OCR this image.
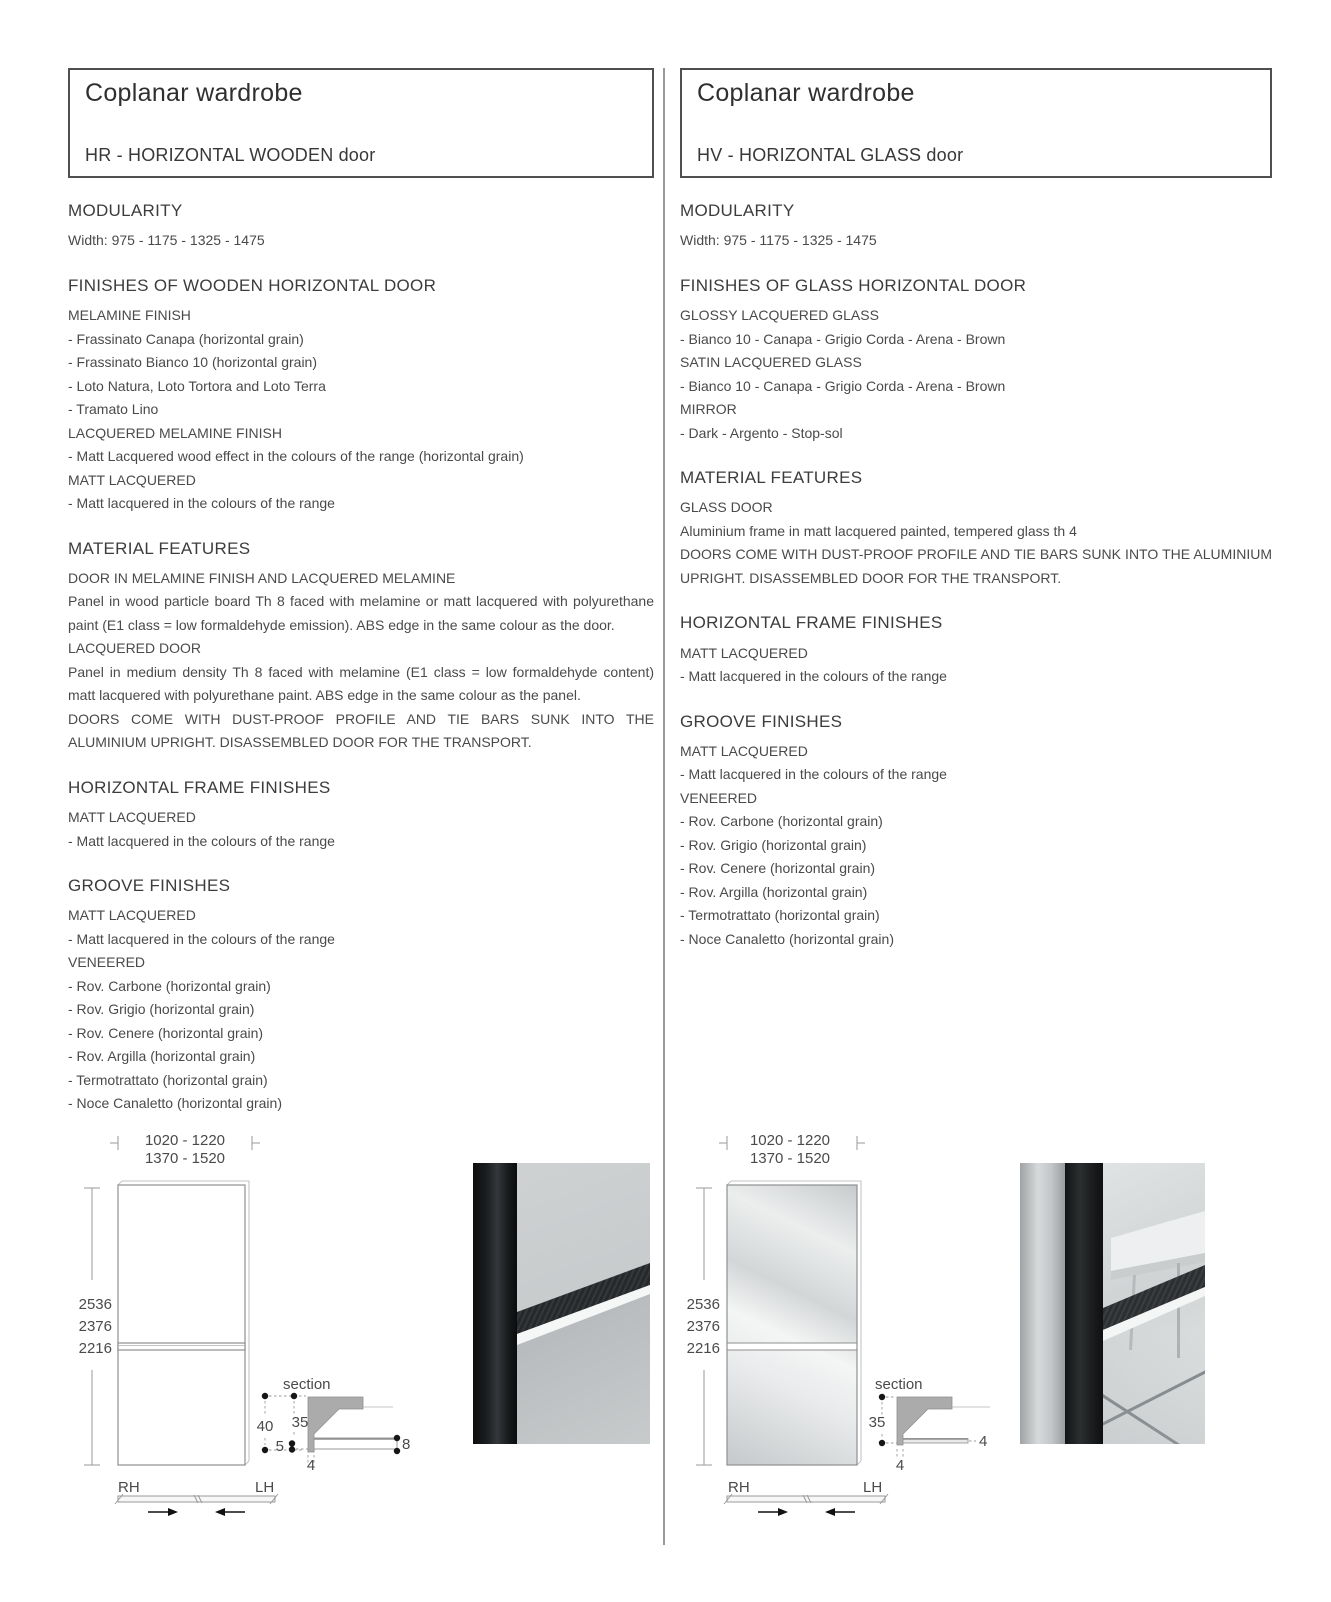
Coplanar wardrobe
HR - HORIZONTAL WOODEN door
MODULARITY

Width: 975 - 1175 - 1325 - 1475

FINISHES OF WOODEN HORIZONTAL DOOR

MELAMINE FINISH

- Frassinato Canapa (horizontal grain)

- Frassinato Bianco 10 (horizontal grain)

- Loto Natura, Loto Tortora and Loto Terra

- Tramato Lino

LACQUERED MELAMINE FINISH

- Matt Lacquered wood effect in the colours of the range (horizontal grain)

MATT LACQUERED

- Matt lacquered in the colours of the range

MATERIAL FEATURES

DOOR IN MELAMINE FINISH AND LACQUERED MELAMINE

Panel in wood particle board Th 8 faced with melamine or matt lacquered with polyurethane paint (E1 class = low formaldehyde emission). ABS edge in the same colour as the door.

LACQUERED DOOR

Panel in medium density Th 8 faced with melamine (E1 class = low formaldehyde content) matt lacquered with polyurethane paint. ABS edge in the same colour as the panel.

DOORS COME WITH DUST-PROOF PROFILE AND TIE BARS SUNK INTO THE ALUMINIUM UPRIGHT. DISASSEMBLED DOOR FOR THE TRANSPORT.

HORIZONTAL FRAME FINISHES

MATT LACQUERED

- Matt lacquered in the colours of the range

GROOVE FINISHES

MATT LACQUERED

- Matt lacquered in the colours of the range

VENEERED

- Rov. Carbone (horizontal grain)

- Rov. Grigio (horizontal grain)

- Rov. Cenere (horizontal grain)

- Rov. Argilla (horizontal grain)

- Termotrattato (horizontal grain)

- Noce Canaletto (horizontal grain)

Coplanar wardrobe
HV - HORIZONTAL GLASS door
MODULARITY

Width: 975 - 1175 - 1325 - 1475

FINISHES OF GLASS HORIZONTAL DOOR

GLOSSY LACQUERED GLASS

- Bianco 10 - Canapa - Grigio Corda - Arena - Brown

SATIN LACQUERED GLASS

- Bianco 10 - Canapa - Grigio Corda - Arena - Brown

MIRROR

- Dark - Argento - Stop-sol

MATERIAL FEATURES

GLASS DOOR

Aluminium frame in matt lacquered painted, tempered glass th 4

DOORS COME WITH DUST-PROOF PROFILE AND TIE BARS SUNK INTO THE ALUMINIUM UPRIGHT. DISASSEMBLED DOOR FOR THE TRANSPORT.

HORIZONTAL FRAME FINISHES

MATT LACQUERED

- Matt lacquered in the colours of the range

GROOVE FINISHES

MATT LACQUERED

- Matt lacquered in the colours of the range

VENEERED

- Rov. Carbone (horizontal grain)

- Rov. Grigio (horizontal grain)

- Rov. Cenere (horizontal grain)

- Rov. Argilla (horizontal grain)

- Termotrattato (horizontal grain)

- Noce Canaletto (horizontal grain)

1020 - 1220
1370 - 1520
2536
2376
2216
section
40 35
5
4
8
RH	LH
1020 - 1220
1370 - 1520
2536
2376
2216
section
35
4
4
RH	LH
